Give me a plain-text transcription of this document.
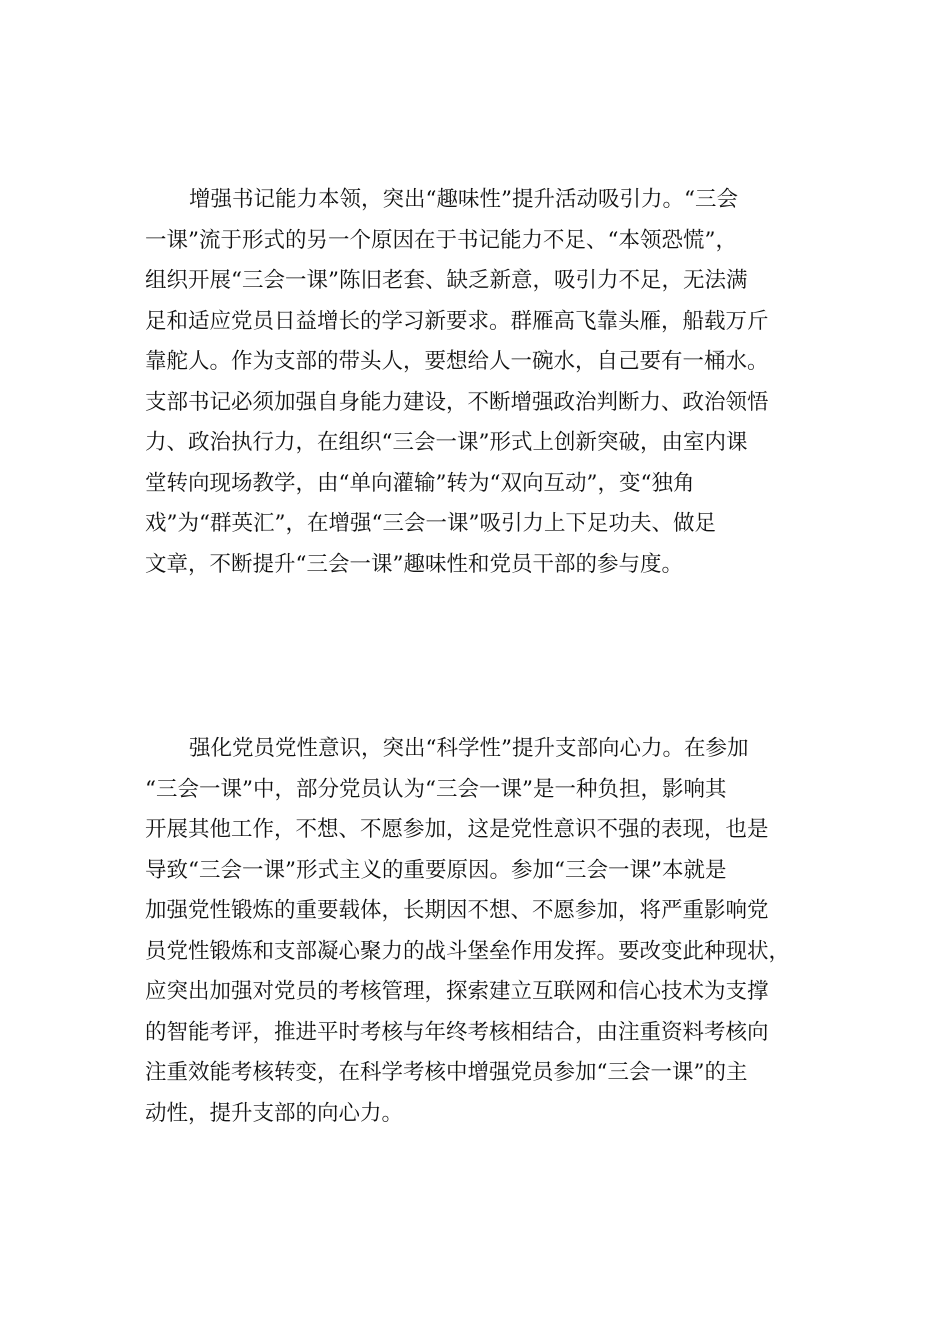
增强书记能力本领，突出“趣味性”提升活动吸引力。“三会
一课”流于形式的另一个原因在于书记能力不足、“本领恐慌”，
组织开展“三会一课”陈旧老套、缺乏新意，吸引力不足，无法满
足和适应党员日益增长的学习新要求。群雁高飞靠头雁，船载万斤
靠舵人。作为支部的带头人，要想给人一碗水，自己要有一桶水。
支部书记必须加强自身能力建设，不断增强政治判断力、政治领悟
力、政治执行力，在组织“三会一课”形式上创新突破，由室内课
堂转向现场教学，由“单向灌输”转为“双向互动”，变“独角
戏”为“群英汇”，在增强“三会一课”吸引力上下足功夫、做足
文章，不断提升“三会一课”趣味性和党员干部的参与度。
强化党员党性意识，突出“科学性”提升支部向心力。在参加
“三会一课”中，部分党员认为“三会一课”是一种负担，影响其
开展其他工作，不想、不愿参加，这是党性意识不强的表现，也是
导致“三会一课”形式主义的重要原因。参加“三会一课”本就是
加强党性锻炼的重要载体，长期因不想、不愿参加，将严重影响党
员党性锻炼和支部凝心聚力的战斗堡垒作用发挥。要改变此种现状，
应突出加强对党员的考核管理，探索建立互联网和信心技术为支撑
的智能考评，推进平时考核与年终考核相结合，由注重资料考核向
注重效能考核转变，在科学考核中增强党员参加“三会一课”的主
动性，提升支部的向心力。
